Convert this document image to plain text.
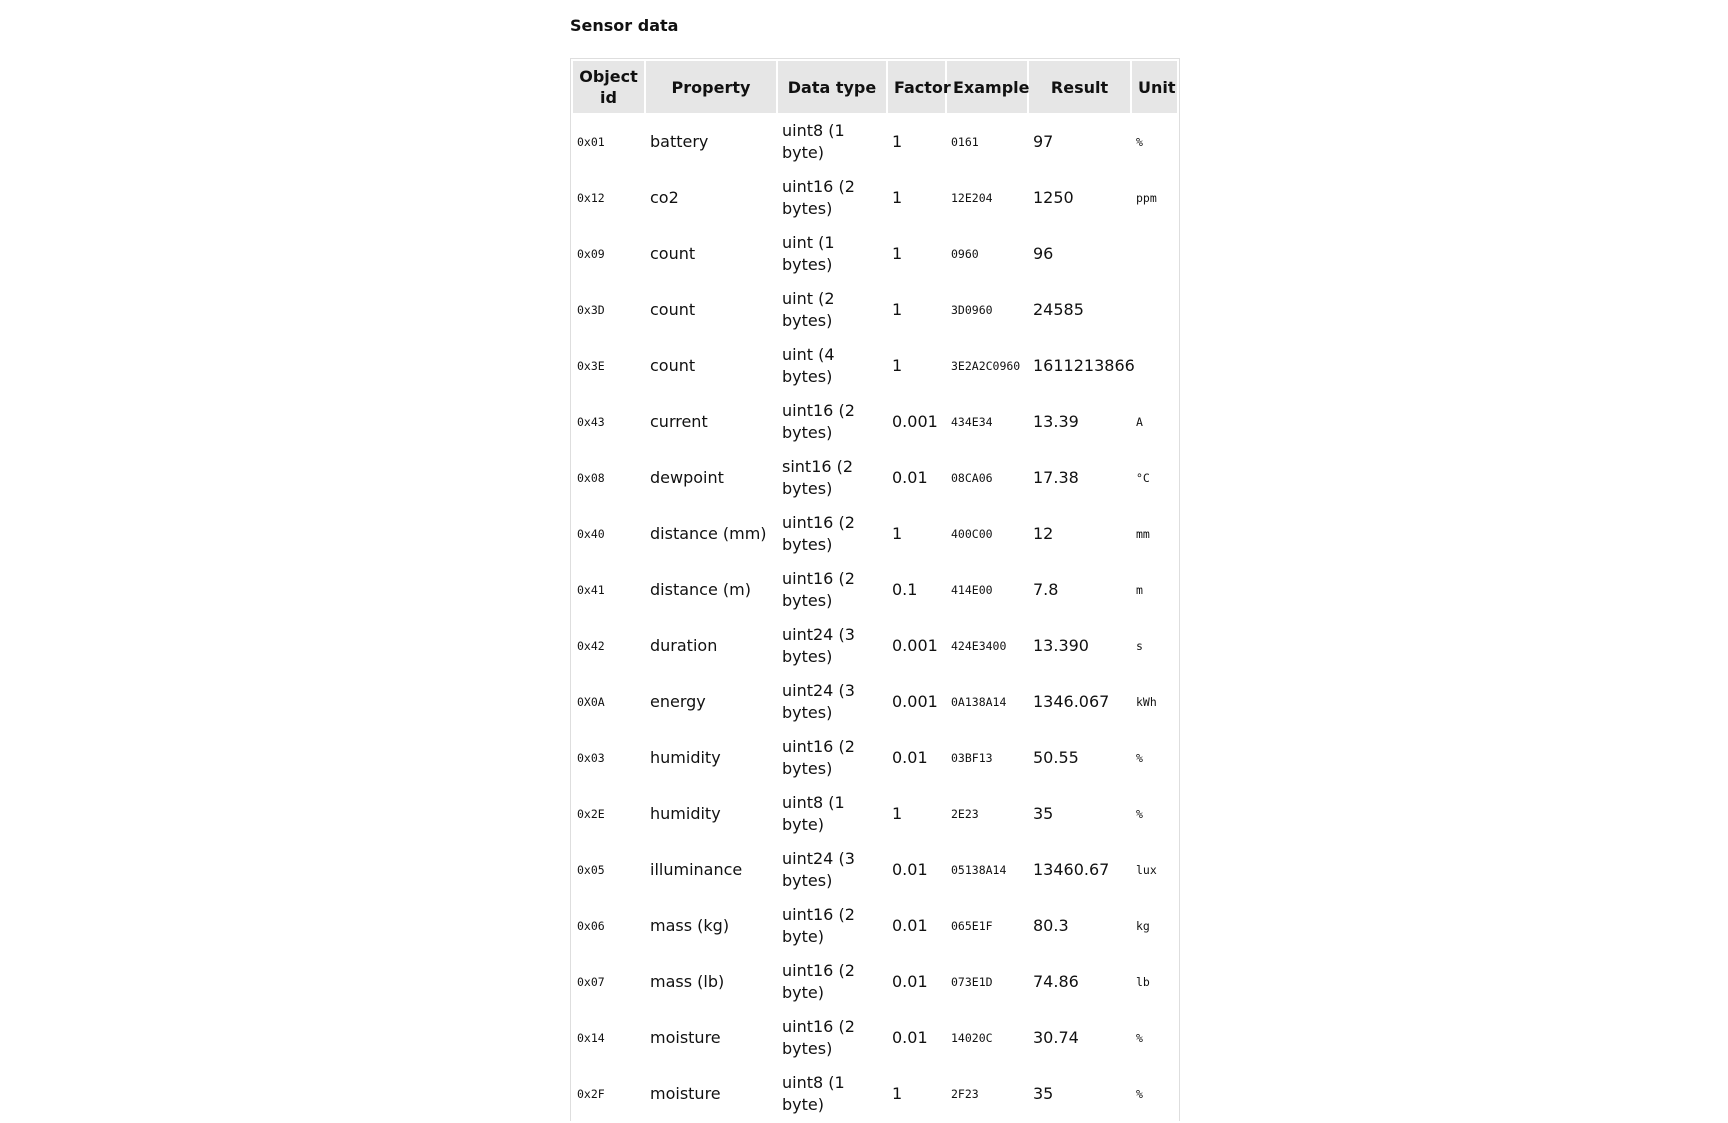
Sensor data
Object id	Property	Data type	Factor	Example	Result	Unit
0x01	battery	uint8 (1 byte)	1	0161	97	%
0x12	co2	uint16 (2 bytes)	1	12E204	1250	ppm
0x09	count	uint (1 bytes)	1	0960	96	
0x3D	count	uint (2 bytes)	1	3D0960	24585	
0x3E	count	uint (4 bytes)	1	3E2A2C0960	1611213866	
0x43	current	uint16 (2 bytes)	0.001	434E34	13.39	A
0x08	dewpoint	sint16 (2 bytes)	0.01	08CA06	17.38	°C
0x40	distance (mm)	uint16 (2 bytes)	1	400C00	12	mm
0x41	distance (m)	uint16 (2 bytes)	0.1	414E00	7.8	m
0x42	duration	uint24 (3 bytes)	0.001	424E3400	13.390	s
0X0A	energy	uint24 (3 bytes)	0.001	0A138A14	1346.067	kWh
0x03	humidity	uint16 (2 bytes)	0.01	03BF13	50.55	%
0x2E	humidity	uint8 (1 byte)	1	2E23	35	%
0x05	illuminance	uint24 (3 bytes)	0.01	05138A14	13460.67	lux
0x06	mass (kg)	uint16 (2 byte)	0.01	065E1F	80.3	kg
0x07	mass (lb)	uint16 (2 byte)	0.01	073E1D	74.86	lb
0x14	moisture	uint16 (2 bytes)	0.01	14020C	30.74	%
0x2F	moisture	uint8 (1 byte)	1	2F23	35	%
